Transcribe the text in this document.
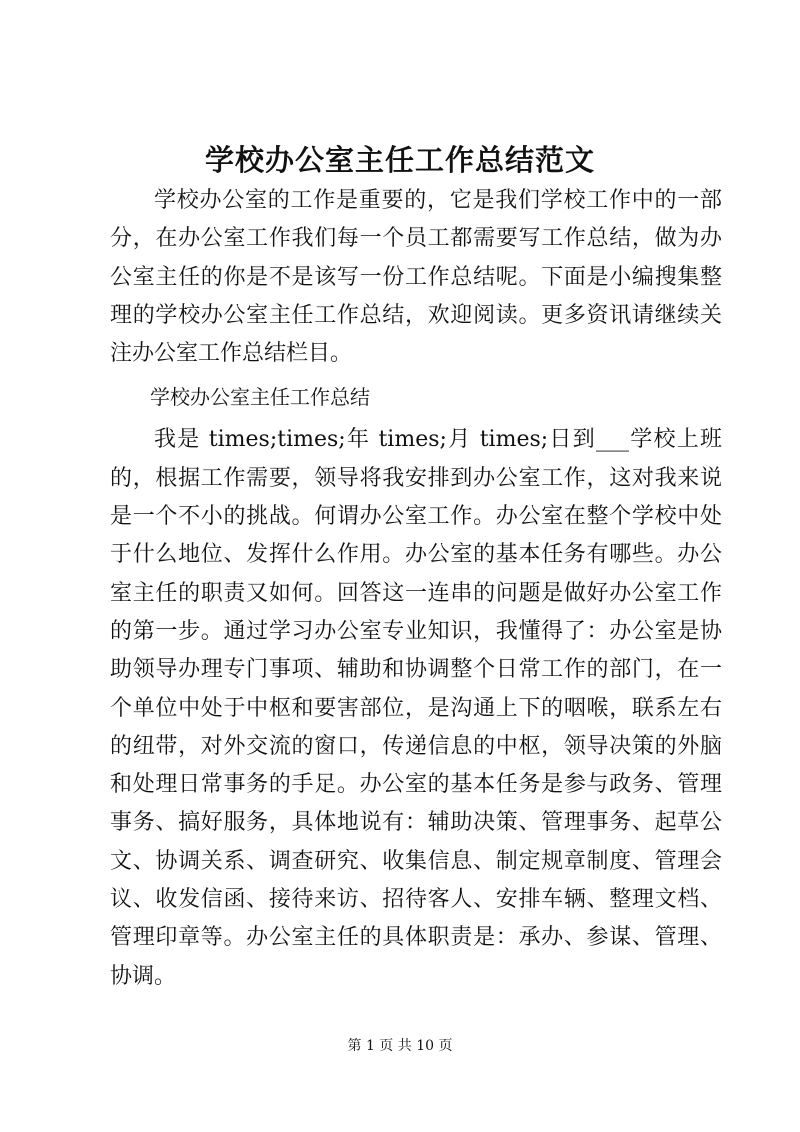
学校办公室主任工作总结范文

学校办公室的工作是重要的，它是我们学校工作中的一部分，在办公室工作我们每一个员工都需要写工作总结，做为办公室主任的你是不是该写一份工作总结呢。下面是小编搜集整理的学校办公室主任工作总结，欢迎阅读。更多资讯请继续关注办公室工作总结栏目。

学校办公室主任工作总结

我是 times;times;年 times;月 times;日到___学校上班的，根据工作需要，领导将我安排到办公室工作，这对我来说是一个不小的挑战。何谓办公室工作。办公室在整个学校中处于什么地位、发挥什么作用。办公室的基本任务有哪些。办公室主任的职责又如何。回答这一连串的问题是做好办公室工作的第一步。通过学习办公室专业知识，我懂得了：办公室是协助领导办理专门事项、辅助和协调整个日常工作的部门，在一个单位中处于中枢和要害部位，是沟通上下的咽喉，联系左右的纽带，对外交流的窗口，传递信息的中枢，领导决策的外脑和处理日常事务的手足。办公室的基本任务是参与政务、管理事务、搞好服务，具体地说有：辅助决策、管理事务、起草公文、协调关系、调查研究、收集信息、制定规章制度、管理会议、收发信函、接待来访、招待客人、安排车辆、整理文档、管理印章等。办公室主任的具体职责是：承办、参谋、管理、协调。

第 1 页 共 10 页
